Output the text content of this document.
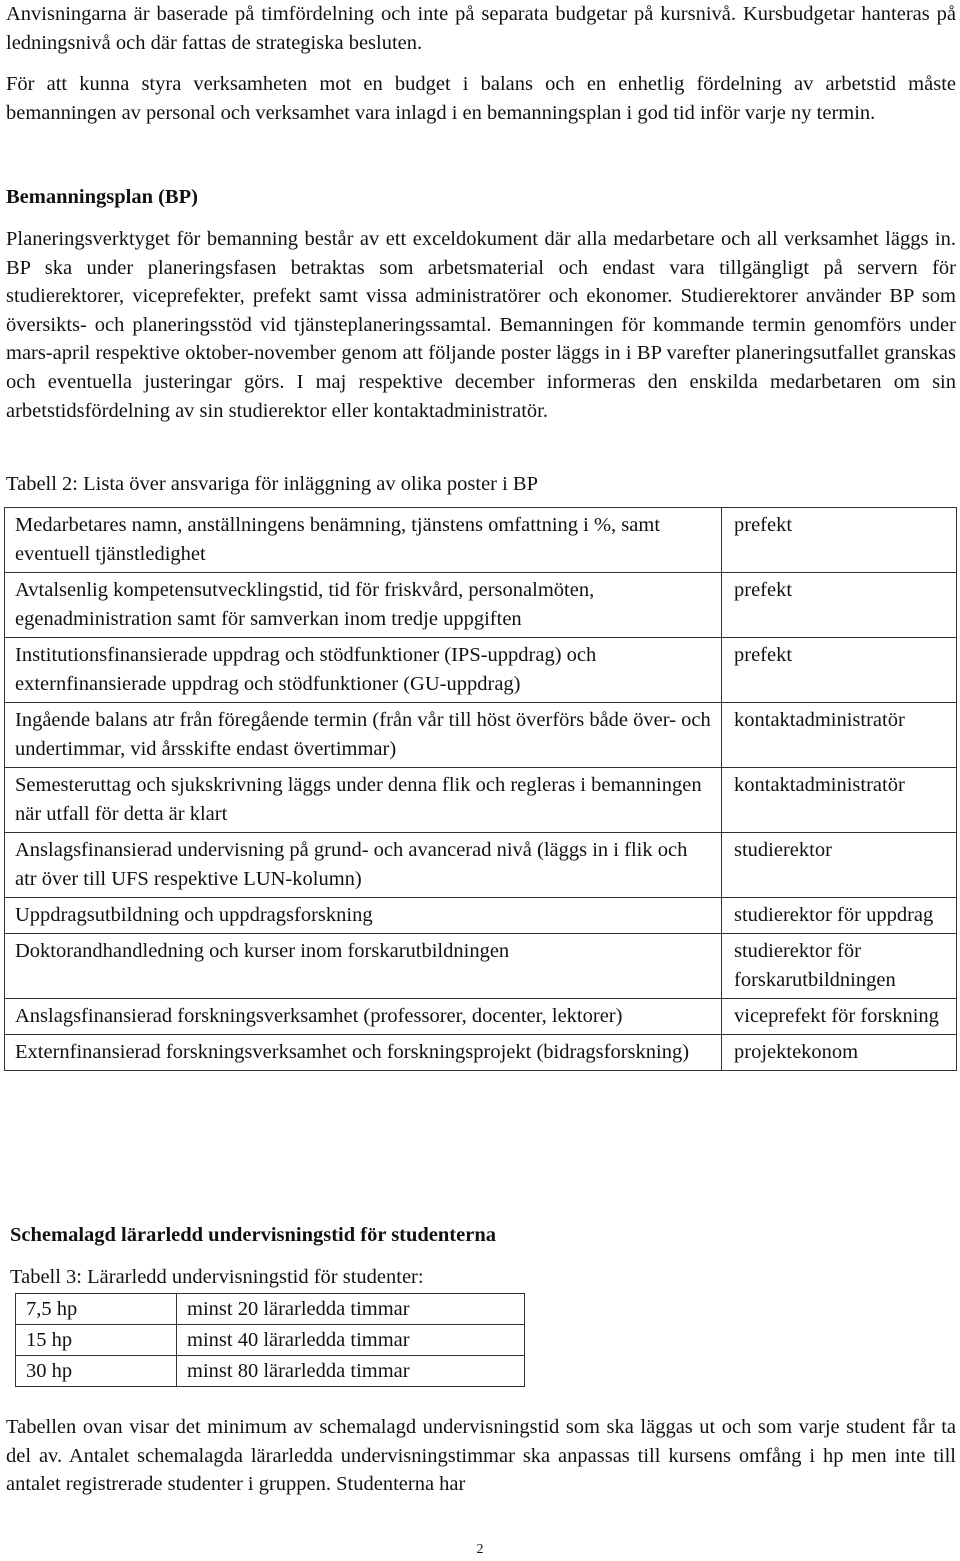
Anvisningarna är baserade på timfördelning och inte på separata budgetar på kursnivå. Kursbudgetar hanteras på ledningsnivå och där fattas de strategiska besluten.

För att kunna styra verksamheten mot en budget i balans och en enhetlig fördelning av arbetstid måste bemanningen av personal och verksamhet vara inlagd i en bemanningsplan i god tid inför varje ny termin.

Bemanningsplan (BP)

Planeringsverktyget för bemanning består av ett exceldokument där alla medarbetare och all verksamhet läggs in. BP ska under planeringsfasen betraktas som arbetsmaterial och endast vara tillgängligt på servern för studierektorer, viceprefekter, prefekt samt vissa administratörer och ekonomer. Studierektorer använder BP som översikts- och planeringsstöd vid tjänsteplaneringssamtal. Bemanningen för kommande termin genomförs under mars-april respektive oktober-november genom att följande poster läggs in i BP varefter planeringsutfallet granskas och eventuella justeringar görs. I maj respektive december informeras den enskilda medarbetaren om sin arbetstidsfördelning av sin studierektor eller kontaktadministratör.

Tabell 2: Lista över ansvariga för inläggning av olika poster i BP

Medarbetares namn, anställningens benämning, tjänstens omfattning i %, samt eventuell tjänstledighet	prefekt
Avtalsenlig kompetensutvecklingstid, tid för friskvård, personalmöten, egenadministration samt för samverkan inom tredje uppgiften	prefekt
Institutionsfinansierade uppdrag och stödfunktioner (IPS-uppdrag) och externfinansierade uppdrag och stödfunktioner (GU-uppdrag)	prefekt
Ingående balans atr från föregående termin (från vår till höst överförs både över- och undertimmar, vid årsskifte endast övertimmar)	kontaktadministratör
Semesteruttag och sjukskrivning läggs under denna flik och regleras i bemanningen när utfall för detta är klart	kontaktadministratör
Anslagsfinansierad undervisning på grund- och avancerad nivå (läggs in i flik och atr över till UFS respektive LUN-kolumn)	studierektor
Uppdragsutbildning och uppdragsforskning	studierektor för uppdrag
Doktorandhandledning och kurser inom forskarutbildningen	studierektor för forskarutbildningen
Anslagsfinansierad forskningsverksamhet (professorer, docenter, lektorer)	viceprefekt för forskning
Externfinansierad forskningsverksamhet och forskningsprojekt (bidragsforskning)	projektekonom
Schemalagd lärarledd undervisningstid för studenterna

Tabell 3: Lärarledd undervisningstid för studenter:

7,5 hp	minst 20 lärarledda timmar
15 hp	minst 40 lärarledda timmar
30 hp	minst 80 lärarledda timmar

Tabellen ovan visar det minimum av schemalagd undervisningstid som ska läggas ut och som varje student får ta del av. Antalet schemalagda lärarledda undervisningstimmar ska anpassas till kursens omfång i hp men inte till antalet registrerade studenter i gruppen. Studenterna har

2
